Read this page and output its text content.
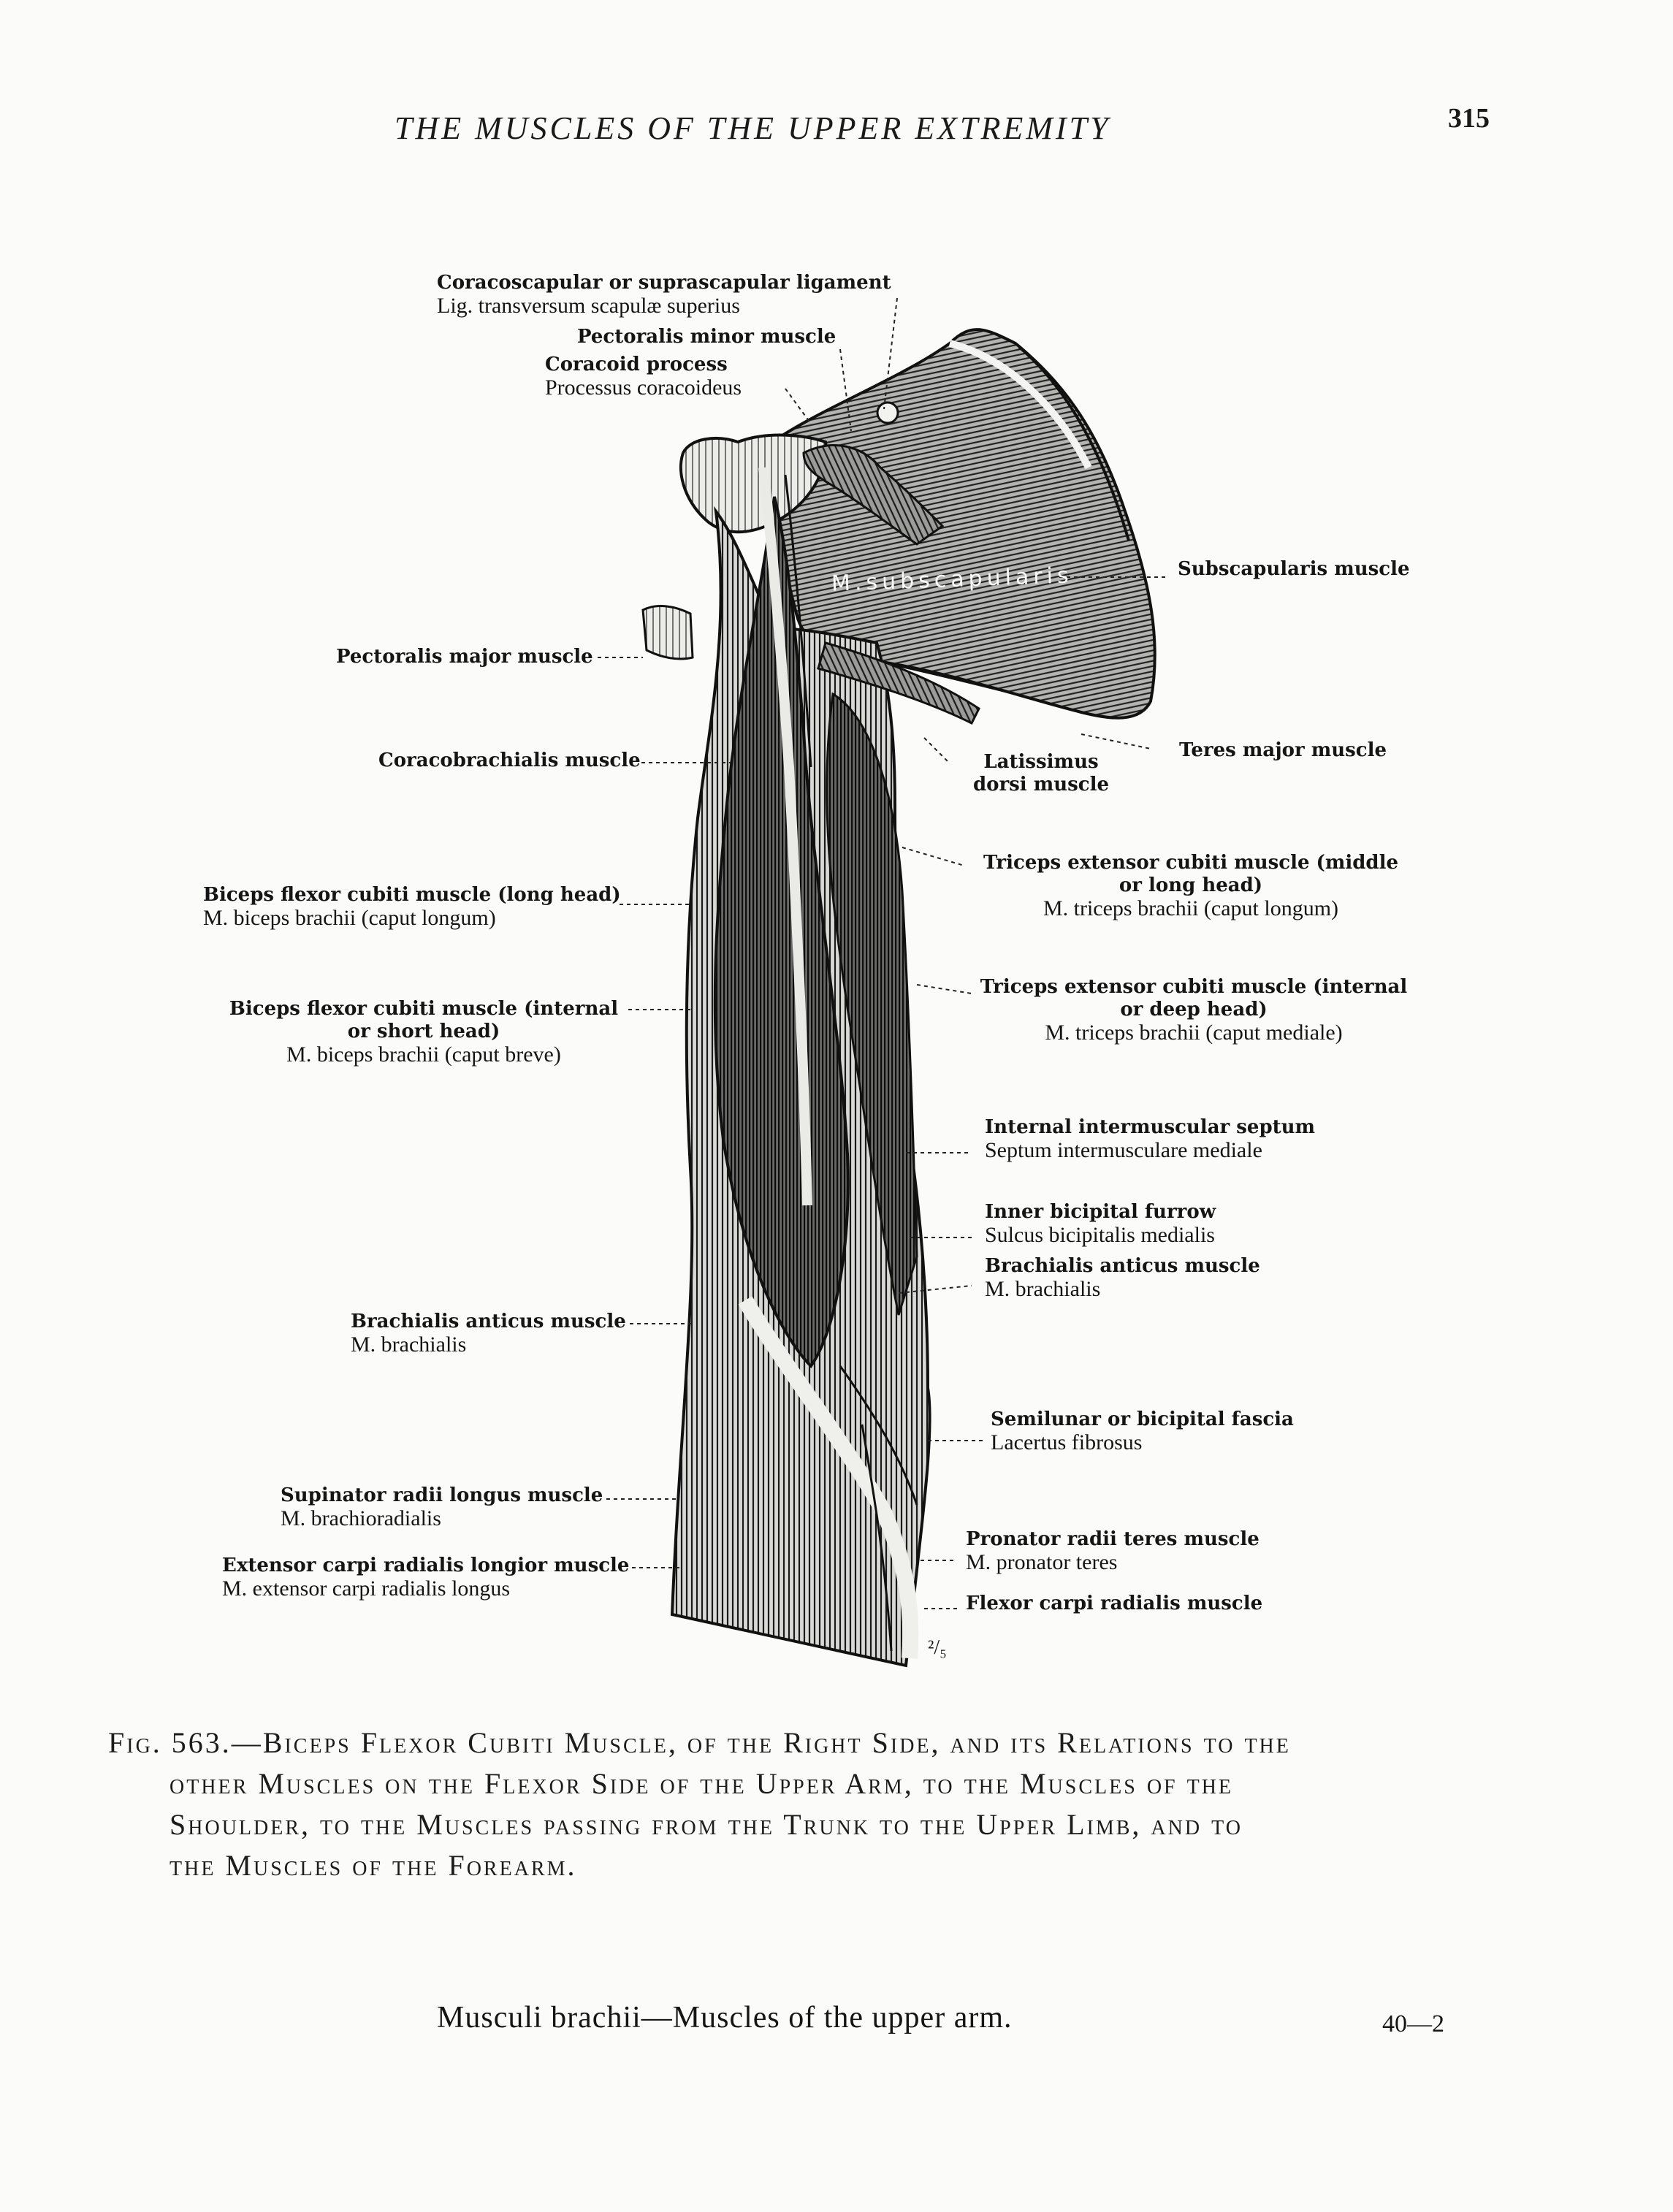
THE MUSCLES OF THE UPPER EXTREMITY	315
M.subscapularis
Coracoscapular or suprascapular ligament
Lig. transversum scapulæ superius
Pectoralis minor muscle
Coracoid process
Processus coracoideus
Subscapularis muscle
Pectoralis major muscle
Coracobrachialis muscle	Latissimus dorsi muscle
Teres major muscle
Biceps flexor cubiti muscle (long head)
M. biceps brachii (caput longum)
Triceps extensor cubiti muscle (middle or long head)
M. triceps brachii (caput longum)
Biceps flexor cubiti muscle (internal or short head)
M. biceps brachii (caput breve)
Triceps extensor cubiti muscle (internal or deep head)
M. triceps brachii (caput mediale)
Internal intermuscular septum
Septum intermusculare mediale
Inner bicipital furrow
Sulcus bicipitalis medialis
Brachialis anticus muscle
M. brachialis
Brachialis anticus muscle
M. brachialis
Semilunar or bicipital fascia
Lacertus fibrosus
Supinator radii longus muscle
M. brachioradialis
Pronator radii teres muscle
M. pronator teres
Extensor carpi radialis longior muscle
M. extensor carpi radialis longus
Flexor carpi radialis muscle
²/₅
Fig. 563.—Biceps Flexor Cubiti Muscle, of the Right Side, and its Relations to the
other Muscles on the Flexor Side of the Upper Arm, to the Muscles of the
Shoulder, to the Muscles passing from the Trunk to the Upper Limb, and to
the Muscles of the Forearm.
Musculi brachii—Muscles of the upper arm.	40—2
